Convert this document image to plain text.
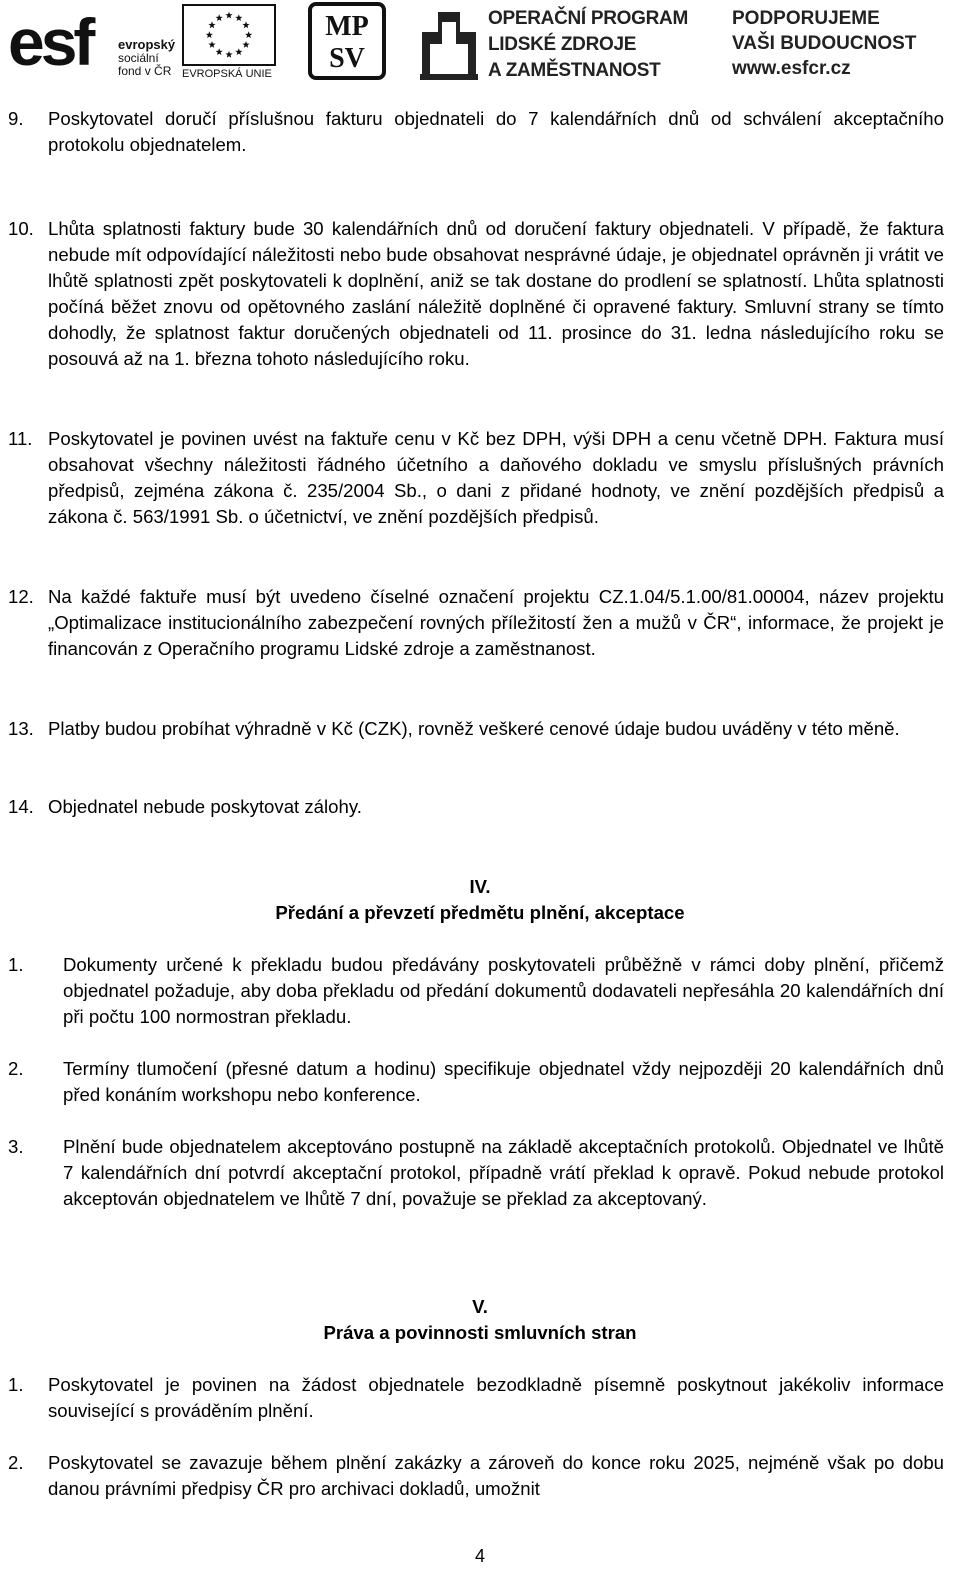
esf	evropský
sociální
fond v ČR EVROPSKÁ UNIE
MP
SV
OPERAČNÍ PROGRAM
LIDSKÉ ZDROJE
A ZAMĚSTNANOST
PODPORUJEME
VAŠI BUDOUCNOST
www.esfcr.cz
9. Poskytovatel doručí příslušnou fakturu objednateli do 7 kalendářních dnů od schválení akceptačního protokolu objednatelem.
10. Lhůta splatnosti faktury bude 30 kalendářních dnů od doručení faktury objednateli. V případě, že faktura nebude mít odpovídající náležitosti nebo bude obsahovat nesprávné údaje, je objednatel oprávněn ji vrátit ve lhůtě splatnosti zpět poskytovateli k doplnění, aniž se tak dostane do prodlení se splatností. Lhůta splatnosti počíná běžet znovu od opětovného zaslání náležitě doplněné či opravené faktury. Smluvní strany se tímto dohodly, že splatnost faktur doručených objednateli od 11. prosince do 31. ledna následujícího roku se posouvá až na 1. března tohoto následujícího roku.
11. Poskytovatel je povinen uvést na faktuře cenu v Kč bez DPH, výši DPH a cenu včetně DPH. Faktura musí obsahovat všechny náležitosti řádného účetního a daňového dokladu ve smyslu příslušných právních předpisů, zejména zákona č. 235/2004 Sb., o dani z přidané hodnoty, ve znění pozdějších předpisů a zákona č. 563/1991 Sb. o účetnictví, ve znění pozdějších předpisů.
12. Na každé faktuře musí být uvedeno číselné označení projektu CZ.1.04/5.1.00/81.00004, název projektu „Optimalizace institucionálního zabezpečení rovných příležitostí žen a mužů v ČR“, informace, že projekt je financován z Operačního programu Lidské zdroje a zaměstnanost.
13. Platby budou probíhat výhradně v Kč (CZK), rovněž veškeré cenové údaje budou uváděny v této měně.
14. Objednatel nebude poskytovat zálohy.
IV.
Předání a převzetí předmětu plnění, akceptace
1. Dokumenty určené k překladu budou předávány poskytovateli průběžně v rámci doby plnění, přičemž objednatel požaduje, aby doba překladu od předání dokumentů dodavateli nepřesáhla 20 kalendářních dní při počtu 100 normostran překladu.
2. Termíny tlumočení (přesné datum a hodinu) specifikuje objednatel vždy nejpozději 20 kalendářních dnů před konáním workshopu nebo konference.
3. Plnění bude objednatelem akceptováno postupně na základě akceptačních protokolů. Objednatel ve lhůtě 7 kalendářních dní potvrdí akceptační protokol, případně vrátí překlad k opravě. Pokud nebude protokol akceptován objednatelem ve lhůtě 7 dní, považuje se překlad za akceptovaný.
V.
Práva a povinnosti smluvních stran
1. Poskytovatel je povinen na žádost objednatele bezodkladně písemně poskytnout jakékoliv informace související s prováděním plnění.
2. Poskytovatel se zavazuje během plnění zakázky a zároveň do konce roku 2025, nejméně však po dobu danou právními předpisy ČR pro archivaci dokladů, umožnit
4
